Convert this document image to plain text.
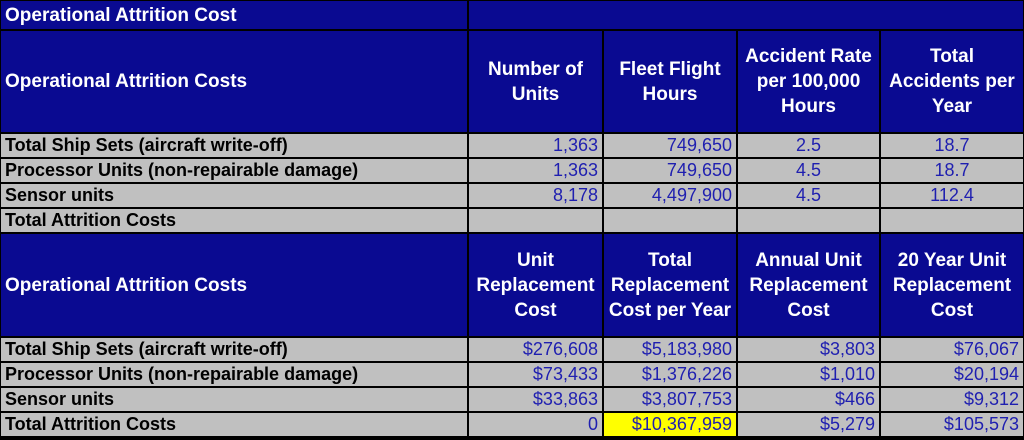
Operational Attrition Cost				
Operational Attrition Costs	Number of Units	Fleet Flight Hours	Accident Rate per 100,000 Hours	Total Accidents per Year
Total Ship Sets (aircraft write-off)	1,363	749,650	2.5	18.7
Processor Units (non-repairable damage)	1,363	749,650	4.5	18.7
Sensor units	8,178	4,497,900	4.5	112.4
Total Attrition Costs				
Operational Attrition Costs	Unit Replacement Cost	Total Replacement Cost per Year	Annual Unit Replacement Cost	20 Year Unit Replacement Cost
Total Ship Sets (aircraft write-off)	$276,608	$5,183,980	$3,803	$76,067
Processor Units (non-repairable damage)	$73,433	$1,376,226	$1,010	$20,194
Sensor units	$33,863	$3,807,753	$466	$9,312
Total Attrition Costs	0	$10,367,959	$5,279	$105,573
